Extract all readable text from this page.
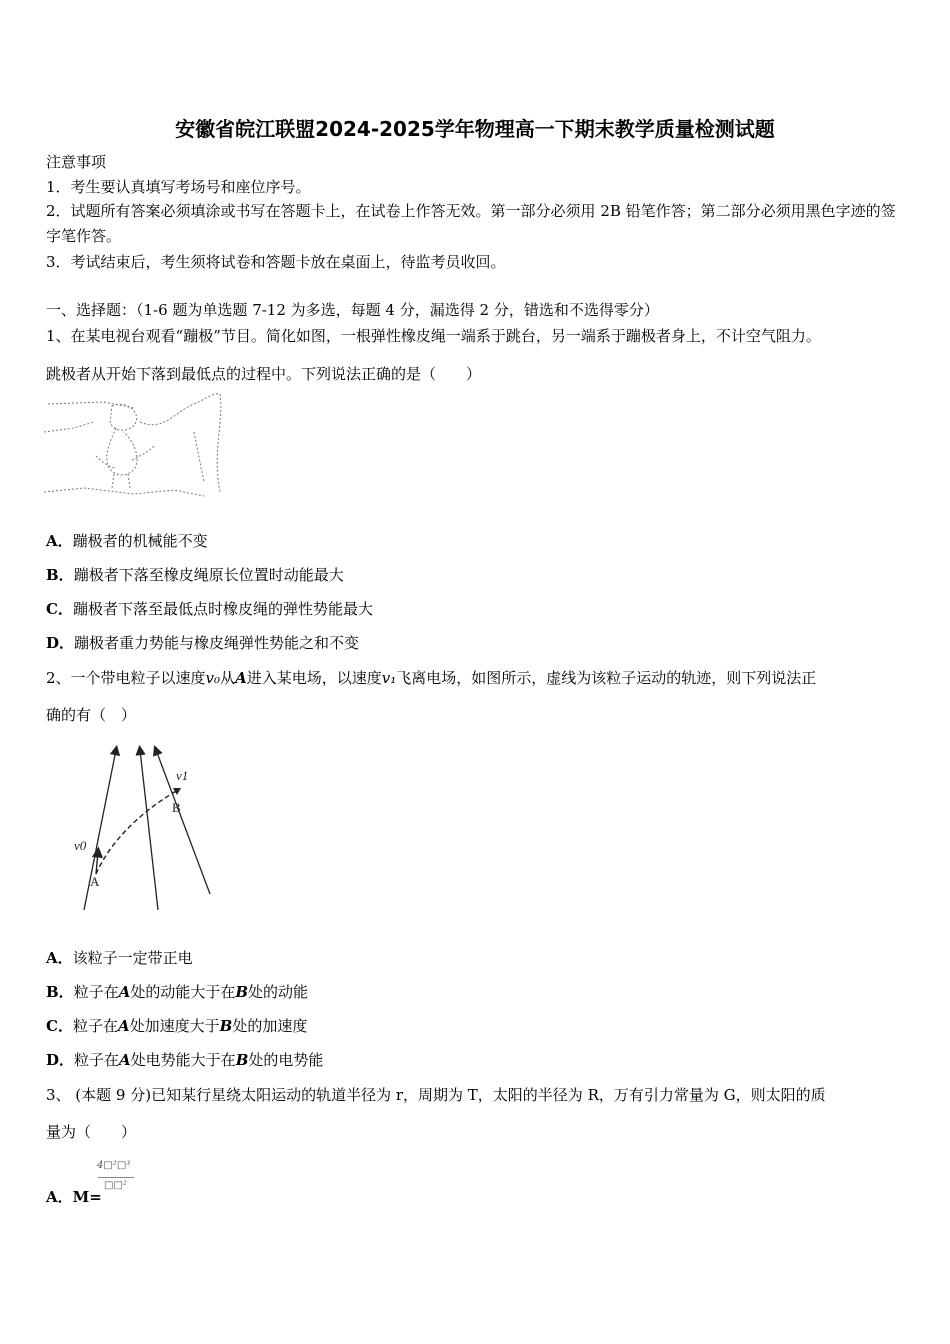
安徽省皖江联盟2024-2025学年物理高一下期末教学质量检测试题
注意事项
1．考生要认真填写考场号和座位序号。
2．试题所有答案必须填涂或书写在答题卡上，在试卷上作答无效。第一部分必须用 2B 铅笔作答；第二部分必须用黑色字迹的签字笔作答。
3．考试结束后，考生须将试卷和答题卡放在桌面上，待监考员收回。
一、选择题：（1-6 题为单选题 7-12 为多选，每题 4 分，漏选得 2 分，错选和不选得零分）
1、在某电视台观看“蹦极”节目。简化如图，一根弹性橡皮绳一端系于跳台，另一端系于蹦极者身上，不计空气阻力。
跳极者从开始下落到最低点的过程中。下列说法正确的是（　　）
A．蹦极者的机械能不变
B．蹦极者下落至橡皮绳原长位置时动能最大
C．蹦极者下落至最低点时橡皮绳的弹性势能最大
D．蹦极者重力势能与橡皮绳弹性势能之和不变
2、一个带电粒子以速度v₀从A进入某电场，以速度v₁飞离电场，如图所示，虚线为该粒子运动的轨迹，则下列说法正
确的有（　）
v0
v1
A
B
A．该粒子一定带正电
B．粒子在A处的动能大于在B处的动能
C．粒子在A处加速度大于B处的加速度
D．粒子在A处电势能大于在B处的电势能
3、 (本题 9 分)已知某行星绕太阳运动的轨道半径为 r，周期为 T，太阳的半径为 R，万有引力常量为 G，则太阳的质
量为（　　）
4□²□³
□□²
A．M=
